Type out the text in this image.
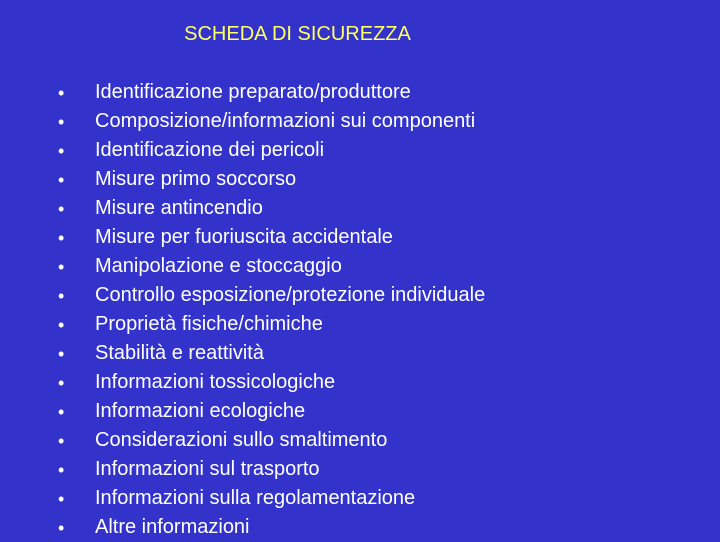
SCHEDA DI SICUREZZA
•	Identificazione preparato/produttore
•	Composizione/informazioni sui componenti
•	Identificazione dei pericoli
•	Misure primo soccorso
•	Misure antincendio
•	Misure per fuoriuscita accidentale
•	Manipolazione e stoccaggio
•	Controllo esposizione/protezione individuale
•	Proprietà fisiche/chimiche
•	Stabilità e reattività
•	Informazioni tossicologiche
•	Informazioni ecologiche
•	Considerazioni sullo smaltimento
•	Informazioni sul trasporto
•	Informazioni sulla regolamentazione
•	Altre informazioni
